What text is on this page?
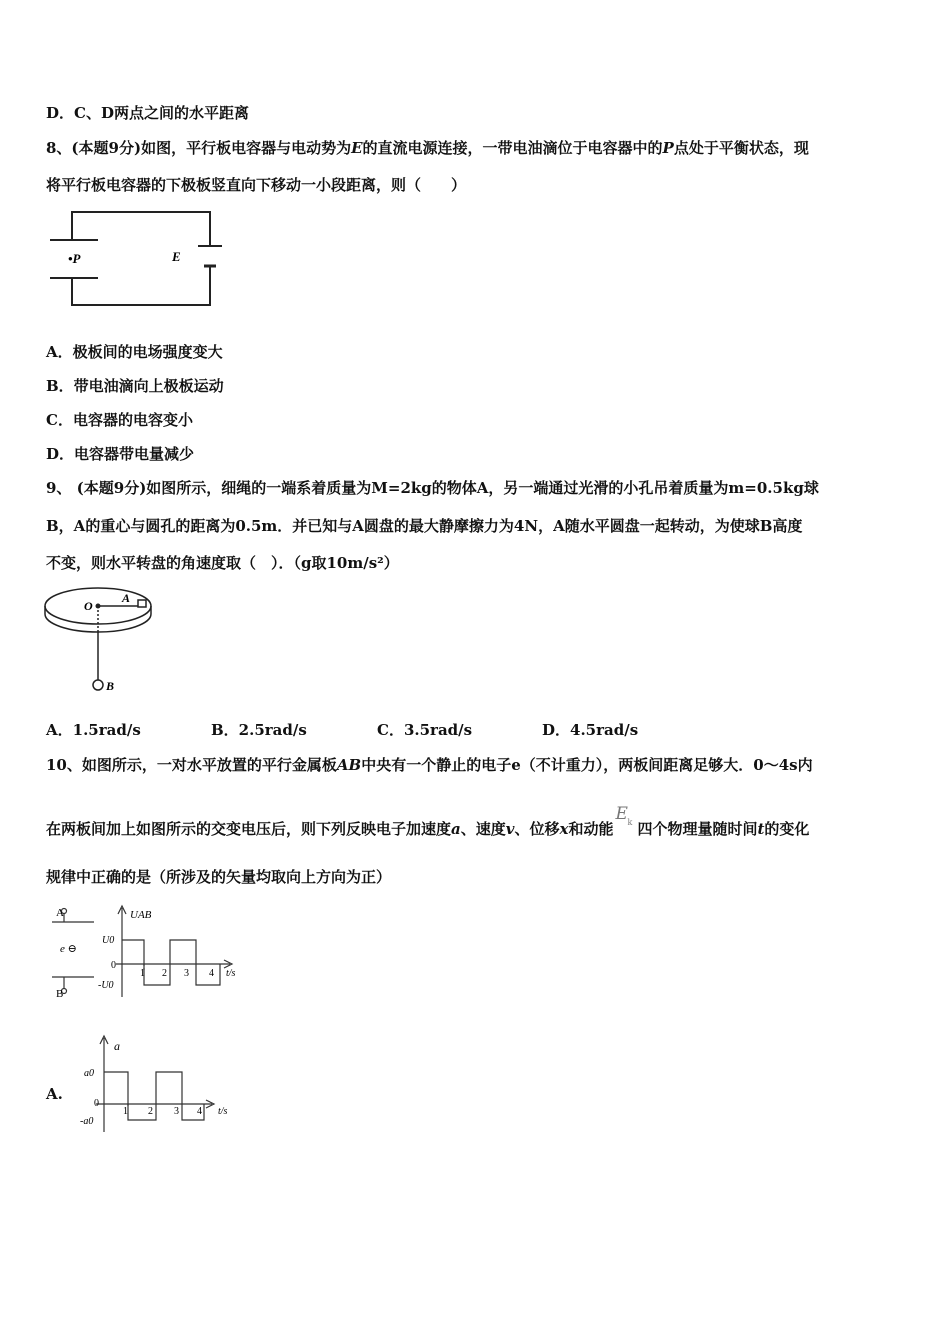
D．C、D两点之间的水平距离
8、(本题9分)如图，平行板电容器与电动势为E的直流电源连接，一带电油滴位于电容器中的P点处于平衡状态，现
将平行板电容器的下极板竖直向下移动一小段距离，则（　　）
•P	E
A．极板间的电场强度变大
B．带电油滴向上极板运动
C．电容器的电容变小
D．电容器带电量减少
9、 (本题9分)如图所示，细绳的一端系着质量为M=2kg的物体A，另一端通过光滑的小孔吊着质量为m=0.5kg球
B，A的重心与圆孔的距离为0.5m．并已知与A圆盘的最大静摩擦力为4N，A随水平圆盘一起转动，为使球B高度
不变，则水平转盘的角速度取（　）．（g取10m/s²）
O
A
B
A．1.5rad/s	B．2.5rad/s	C．3.5rad/s	D．4.5rad/s
10、如图所示，一对水平放置的平行金属板AB中央有一个静止的电子e（不计重力），两板间距离足够大．0～4s内
在两板间加上如图所示的交变电压后，则下列反映电子加速度a、速度v、位移x和动能
E k 四个物理量随时间t的变化
规律中正确的是（所涉及的矢量均取向上方向为正）
A
B
e ⊖
UAB
U0
0
-U0
1 2 3 4 t/s
A.
a
a0
0
-a0
1 2 3 4 t/s
